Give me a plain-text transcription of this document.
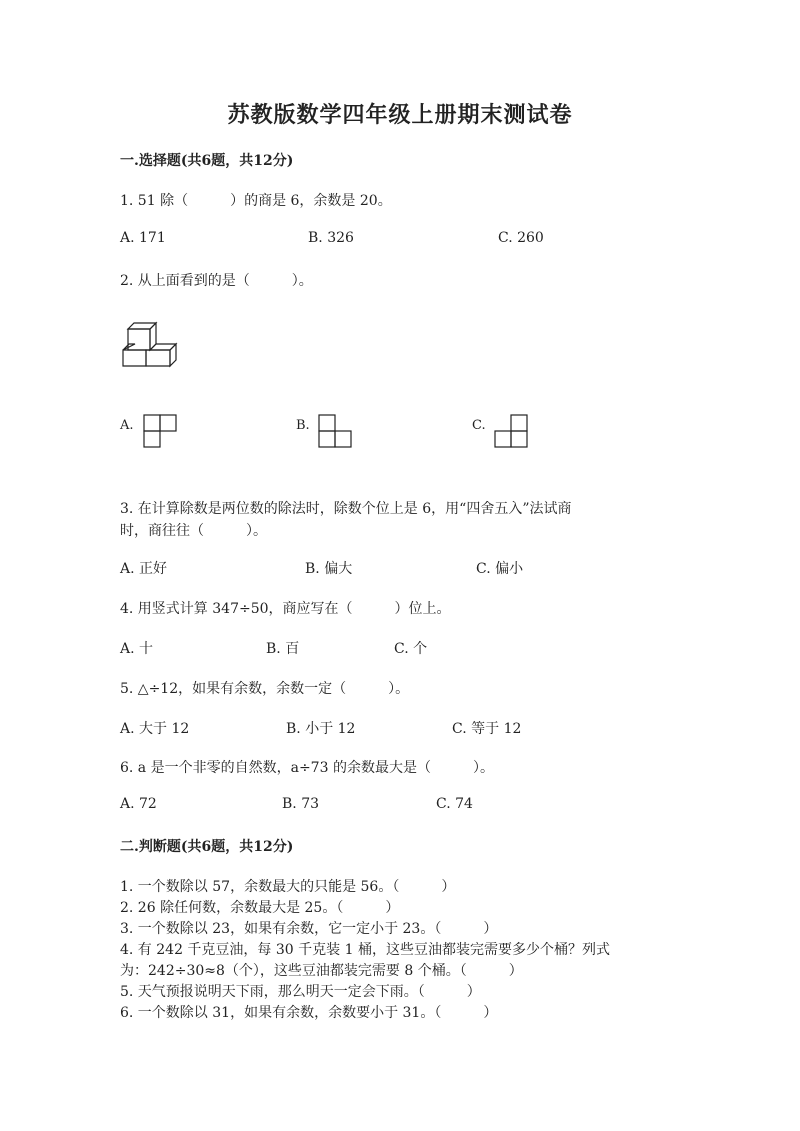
苏教版数学四年级上册期末测试卷
一.选择题(共6题，共12分)
1. 51 除（　　　）的商是 6，余数是 20。
A. 171	B. 326	C. 260
2. 从上面看到的是（　　　）。
A.	B.	C.
3. 在计算除数是两位数的除法时，除数个位上是 6，用“四舍五入”法试商
时，商往往（　　　）。
A. 正好	B. 偏大	C. 偏小
4. 用竖式计算 347÷50，商应写在（　　　）位上。
A. 十	B. 百	C. 个
5. △÷12，如果有余数，余数一定（　　　）。
A. 大于 12	B. 小于 12	C. 等于 12
6. a 是一个非零的自然数，a÷73 的余数最大是（　　　）。
A. 72	B. 73	C. 74
二.判断题(共6题，共12分)
1. 一个数除以 57，余数最大的只能是 56。（　　　）
2. 26 除任何数，余数最大是 25。（　　　）
3. 一个数除以 23，如果有余数，它一定小于 23。（　　　）
4. 有 242 千克豆油，每 30 千克装 1 桶，这些豆油都装完需要多少个桶？列式
为：242÷30≈8（个），这些豆油都装完需要 8 个桶。（　　　）
5. 天气预报说明天下雨，那么明天一定会下雨。（　　　）
6. 一个数除以 31，如果有余数，余数要小于 31。（　　　）
